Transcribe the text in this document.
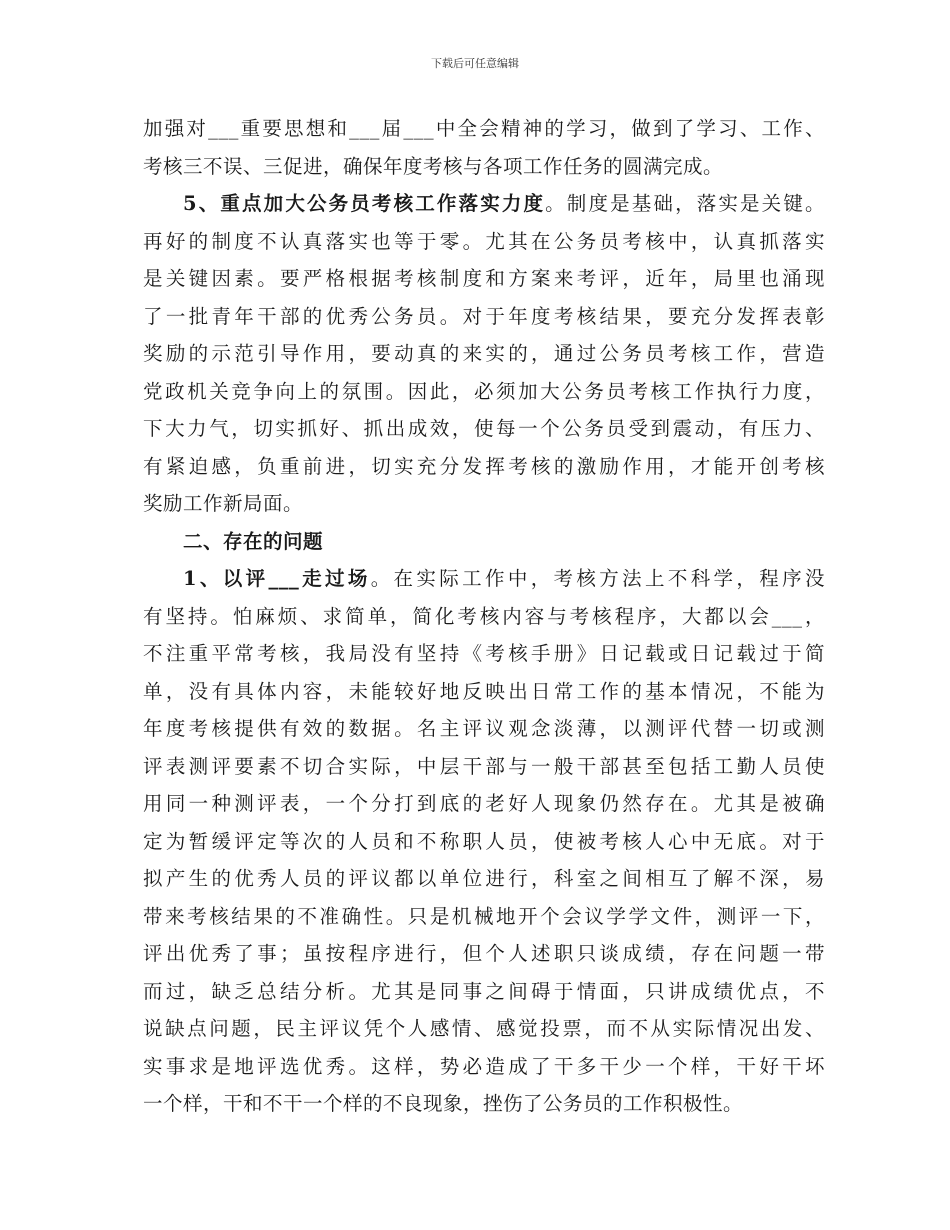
下载后可任意编辑
加强对___重要思想和___届___中全会精神的学习，做到了学习、工作、
考核三不误、三促进，确保年度考核与各项工作任务的圆满完成。
5、重点加大公务员考核工作落实力度。制度是基础，落实是关键。
再好的制度不认真落实也等于零。尤其在公务员考核中，认真抓落实
是关键因素。要严格根据考核制度和方案来考评，近年，局里也涌现
了一批青年干部的优秀公务员。对于年度考核结果，要充分发挥表彰
奖励的示范引导作用，要动真的来实的，通过公务员考核工作，营造
党政机关竞争向上的氛围。因此，必须加大公务员考核工作执行力度，
下大力气，切实抓好、抓出成效，使每一个公务员受到震动，有压力、
有紧迫感，负重前进，切实充分发挥考核的激励作用，才能开创考核
奖励工作新局面。
二、存在的问题
1、以评___走过场。在实际工作中，考核方法上不科学，程序没
有坚持。怕麻烦、求简单，简化考核内容与考核程序，大都以会___，
不注重平常考核，我局没有坚持《考核手册》日记载或日记载过于简
单，没有具体内容，未能较好地反映出日常工作的基本情况，不能为
年度考核提供有效的数据。名主评议观念淡薄，以测评代替一切或测
评表测评要素不切合实际，中层干部与一般干部甚至包括工勤人员使
用同一种测评表，一个分打到底的老好人现象仍然存在。尤其是被确
定为暂缓评定等次的人员和不称职人员，使被考核人心中无底。对于
拟产生的优秀人员的评议都以单位进行，科室之间相互了解不深，易
带来考核结果的不准确性。只是机械地开个会议学学文件，测评一下，
评出优秀了事；虽按程序进行，但个人述职只谈成绩，存在问题一带
而过，缺乏总结分析。尤其是同事之间碍于情面，只讲成绩优点，不
说缺点问题，民主评议凭个人感情、感觉投票，而不从实际情况出发、
实事求是地评选优秀。这样，势必造成了干多干少一个样，干好干坏
一个样，干和不干一个样的不良现象，挫伤了公务员的工作积极性。
